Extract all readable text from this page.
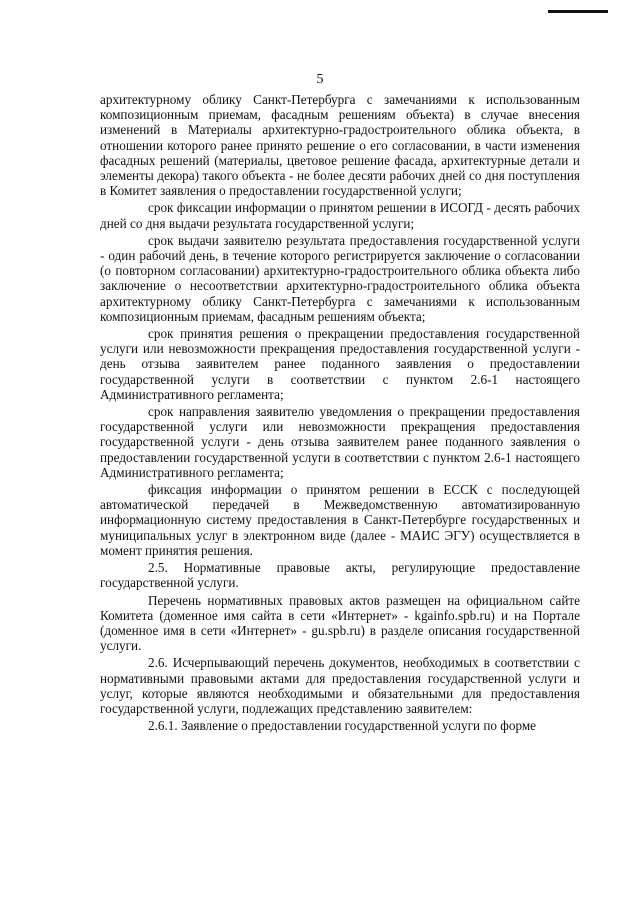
5

архитектурному облику Санкт-Петербурга с замечаниями к использованным композиционным приемам, фасадным решениям объекта) в случае внесения изменений в Материалы архитектурно-градостроительного облика объекта, в отношении которого ранее принято решение о его согласовании, в части изменения фасадных решений (материалы, цветовое решение фасада, архитектурные детали и элементы декора) такого объекта - не более десяти рабочих дней со дня поступления в Комитет заявления о предоставлении государственной услуги;

срок фиксации информации о принятом решении в ИСОГД - десять рабочих дней со дня выдачи результата государственной услуги;

срок выдачи заявителю результата предоставления государственной услуги - один рабочий день, в течение которого регистрируется заключение о согласовании (о повторном согласовании) архитектурно-градостроительного облика объекта либо заключение о несоответствии архитектурно-градостроительного облика объекта архитектурному облику Санкт-Петербурга с замечаниями к использованным композиционным приемам, фасадным решениям объекта;

срок принятия решения о прекращении предоставления государственной услуги или невозможности прекращения предоставления государственной услуги - день отзыва заявителем ранее поданного заявления о предоставлении государственной услуги в соответствии с пунктом 2.6-1 настоящего Административного регламента;

срок направления заявителю уведомления о прекращении предоставления государственной услуги или невозможности прекращения предоставления государственной услуги - день отзыва заявителем ранее поданного заявления о предоставлении государственной услуги в соответствии с пунктом 2.6-1 настоящего Административного регламента;

фиксация информации о принятом решении в ЕССК с последующей автоматической передачей в Межведомственную автоматизированную информационную систему предоставления в Санкт-Петербурге государственных и муниципальных услуг в электронном виде (далее - МАИС ЭГУ) осуществляется в момент принятия решения.

2.5. Нормативные правовые акты, регулирующие предоставление государственной услуги.

Перечень нормативных правовых актов размещен на официальном сайте Комитета (доменное имя сайта в сети «Интернет» - kgainfo.spb.ru) и на Портале (доменное имя в сети «Интернет» - gu.spb.ru) в разделе описания государственной услуги.

2.6. Исчерпывающий перечень документов, необходимых в соответствии с нормативными правовыми актами для предоставления государственной услуги и услуг, которые являются необходимыми и обязательными для предоставления государственной услуги, подлежащих представлению заявителем:

2.6.1. Заявление о предоставлении государственной услуги по форме
